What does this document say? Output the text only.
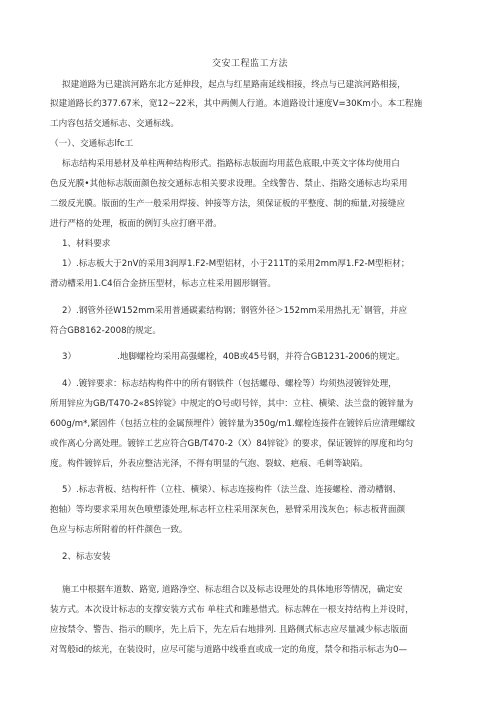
交安工程监工方法
拟建道路为已建滨河路东北方延伸段，起点与红星路南延线相接，终点与已建滨河路相接，
拟建道路长约377.67米，宽12~22米，其中两侧人行道。本道路设计速度V=30Km小。本工程施
工内容包括交通标志、交通标线。
（一）、交通标志lfc工
标志结构采用悬材及单柱两种结构形式。指路标志版面均用蓝色底眼,中英文字体均使用白
色反光膜•其他标志版面颜色按交通标志相关要求设理。全线警告、禁止、指路交通标志均采用
二级反光膜。版面的生产一般采用焊接、钟接等方法，须保证板的平整度、制的痴量,对接缝应
进行严格的处理，板面的例钉头应打磨平滑。
1、材料要求
1）.标志板大于2nV的采用3润厚1.F2-M型铝材，小于211T的采用2mm厚1.F2-M型柜材；
滑动槽采用1.C4佰合金挤压型材，标志立柱采用圆形钢管。
2）.钢管外径W152mm采用普通碳素结构钢；钢管外径＞152mm采用热扎无`钢管，并应
符合GB8162-2008的规定。
3）	.地脚螺栓均采用高强螺栓，40B或45号钢，并符合GB1231-2006的规定。
4）.镀锌要求：标志结构构件中的所有钢铁件（包括螺母、螺栓等）均须热浸镀锌处理，
所用锌应为GB/T470-2«8S锌锭》中规定的O号或l号锌，其中：立柱、横梁、法兰盘的镀锌量为
600g/m*,紧固件（包括立柱的金属预埋件）镀锌量为350g/m1.螺栓连接件在镀锌后应清理螺纹
或作离心分离处理。镀锌工艺应符合GB/T470-2（X）84锌锭》的要求，保证镀锌的厚度和均匀
度。构件镀锌后，外表应整洁光泽，不得有明显的气泡、裂蚊、疤痕、毛刺等缺陷。
5）.标志背板、结构杆件（立柱、横梁）、标志连接构件（法兰盘、连接螺栓、滑动槽钢、
抱轴）等均要求采用灰色喷塑漆处理,标志杆立柱采用深灰色，悬臂采用浅灰色；标志板背面颜
色应与标志所附着的杆件颜色一致。
2、标志安装
施工中根据车道数、路宽, 道路净空、标志组合以及标志设理处的具体地形等情况，确定安
装方式。本次设计标志的支撑安装方式布 单柱式和雎悬惜式。标志牌在一根支持结构上并设时，
应按禁令、警告、指示的顺序，先上后下，先左后右地排列. 且路侧式标志应尽量减少标志版面
对驾般id的炫光，在装设时，应尽可能与道路中线垂直或成一定的角度，禁令和指示标志为0—
